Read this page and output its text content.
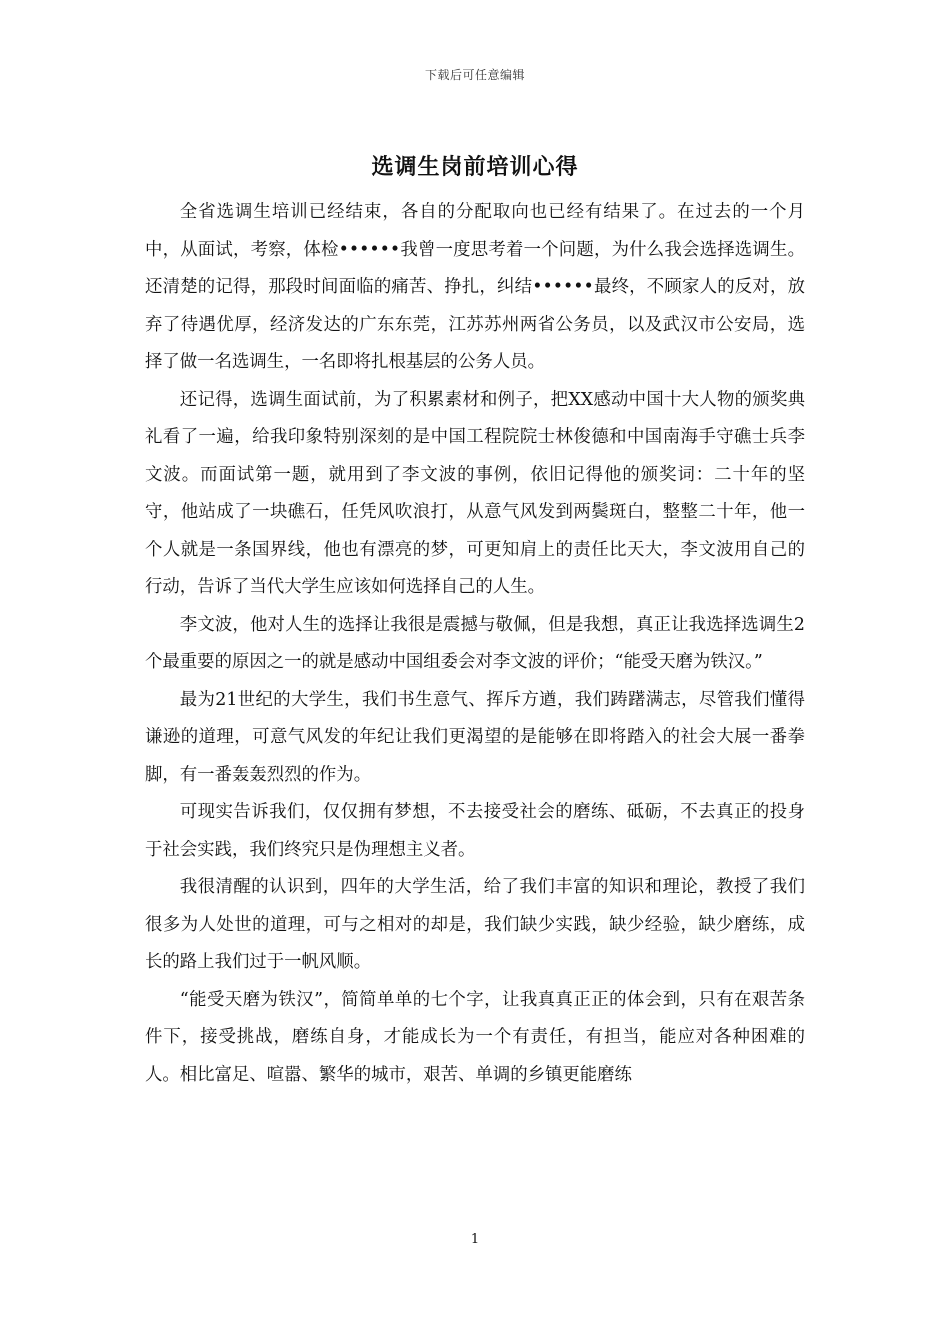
下载后可任意编辑
选调生岗前培训心得

全省选调生培训已经结束，各自的分配取向也已经有结果了。在过去的一个月中，从面试，考察，体检••••••我曾一度思考着一个问题，为什么我会选择选调生。还清楚的记得，那段时间面临的痛苦、挣扎，纠结••••••最终，不顾家人的反对，放弃了待遇优厚，经济发达的广东东莞，江苏苏州两省公务员，以及武汉市公安局，选择了做一名选调生，一名即将扎根基层的公务人员。

还记得，选调生面试前，为了积累素材和例子，把XX感动中国十大人物的颁奖典礼看了一遍，给我印象特别深刻的是中国工程院院士林俊德和中国南海手守礁士兵李文波。而面试第一题，就用到了李文波的事例，依旧记得他的颁奖词：二十年的坚守，他站成了一块礁石，任凭风吹浪打，从意气风发到两鬓斑白，整整二十年，他一个人就是一条国界线，他也有漂亮的梦，可更知肩上的责任比天大，李文波用自己的行动，告诉了当代大学生应该如何选择自己的人生。

李文波，他对人生的选择让我很是震撼与敬佩，但是我想，真正让我选择选调生2个最重要的原因之一的就是感动中国组委会对李文波的评价；“能受天磨为铁汉。”

最为21世纪的大学生，我们书生意气、挥斥方遒，我们踌躇满志，尽管我们懂得谦逊的道理，可意气风发的年纪让我们更渴望的是能够在即将踏入的社会大展一番拳脚，有一番轰轰烈烈的作为。

可现实告诉我们，仅仅拥有梦想，不去接受社会的磨练、砥砺，不去真正的投身于社会实践，我们终究只是伪理想主义者。

我很清醒的认识到，四年的大学生活，给了我们丰富的知识和理论，教授了我们很多为人处世的道理，可与之相对的却是，我们缺少实践，缺少经验，缺少磨练，成长的路上我们过于一帆风顺。

“能受天磨为铁汉”，简简单单的七个字，让我真真正正的体会到，只有在艰苦条件下，接受挑战，磨练自身，才能成长为一个有责任，有担当，能应对各种困难的人。相比富足、喧嚣、繁华的城市，艰苦、单调的乡镇更能磨练

1
